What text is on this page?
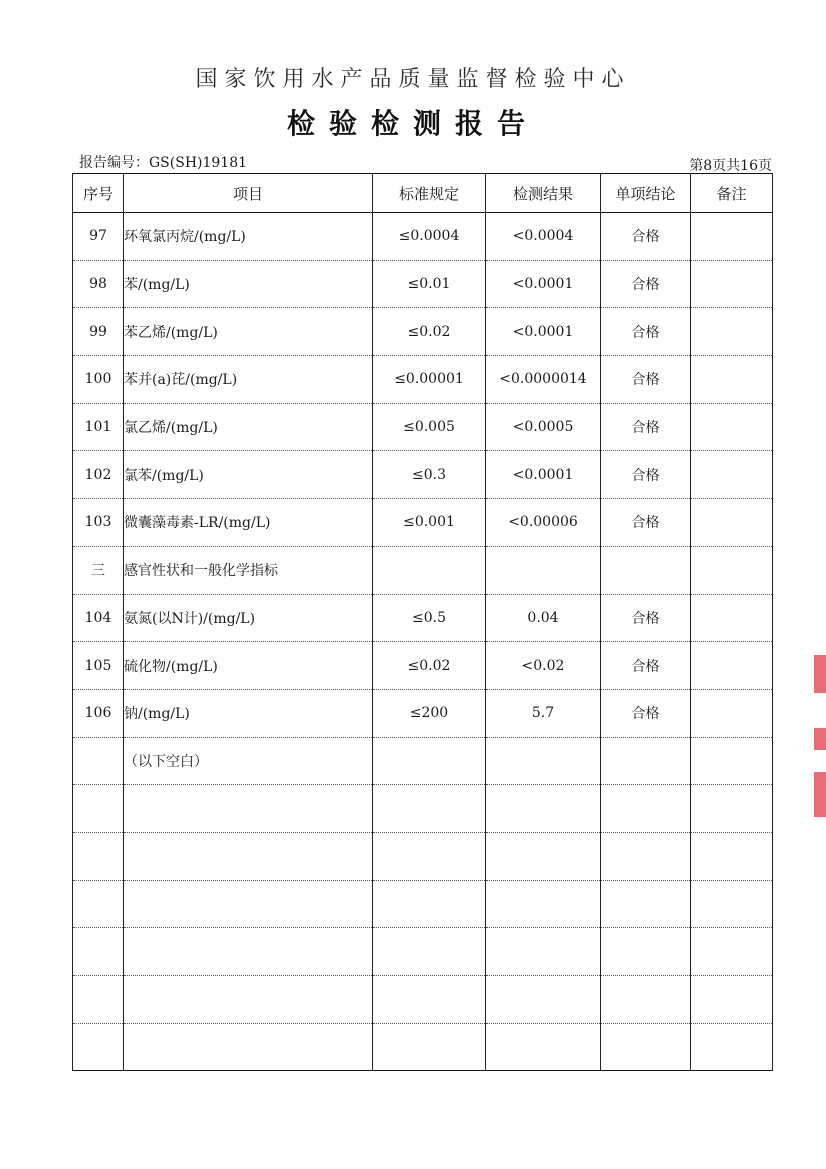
国家饮用水产品质量监督检验中心
检验检测报告
报告编号：GS(SH)19181	第8页共16页
序号	项目	标准规定	检测结果	单项结论	备注
97	环氧氯丙烷/(mg/L)	≤0.0004	<0.0004	合格	
98	苯/(mg/L)	≤0.01	<0.0001	合格	
99	苯乙烯/(mg/L)	≤0.02	<0.0001	合格	
100	苯并(a)芘/(mg/L)	≤0.00001	<0.0000014	合格	
101	氯乙烯/(mg/L)	≤0.005	<0.0005	合格	
102	氯苯/(mg/L)	≤0.3	<0.0001	合格	
103	微囊藻毒素-LR/(mg/L)	≤0.001	<0.00006	合格	
三	感官性状和一般化学指标				
104	氨氮(以N计)/(mg/L)	≤0.5	0.04	合格	
105	硫化物/(mg/L)	≤0.02	<0.02	合格	
106	钠/(mg/L)	≤200	5.7	合格	
	（以下空白）				
